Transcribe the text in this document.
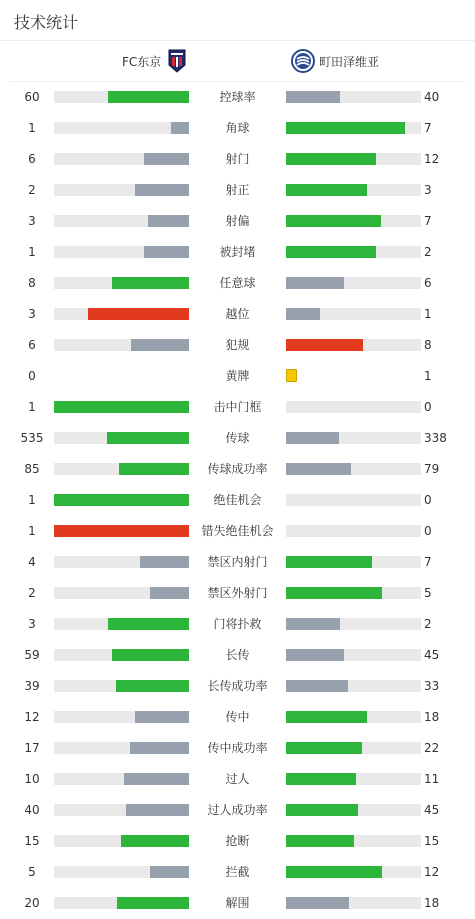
技术统计
FC东京	町田泽维亚
60	控球率	40
1	角球	7
6	射门	12
2	射正	3
3	射偏	7
1	被封堵	2
8	任意球	6
3	越位	1
6	犯规	8
0	黄牌	1
1	击中门框	0
535	传球	338
85	传球成功率	79
1	绝佳机会	0
1	错失绝佳机会	0
4	禁区内射门	7
2	禁区外射门	5
3	门将扑救	2
59	长传	45
39	长传成功率	33
12	传中	18
17	传中成功率	22
10	过人	11
40	过人成功率	45
15	抢断	15
5	拦截	12
20	解围	18
